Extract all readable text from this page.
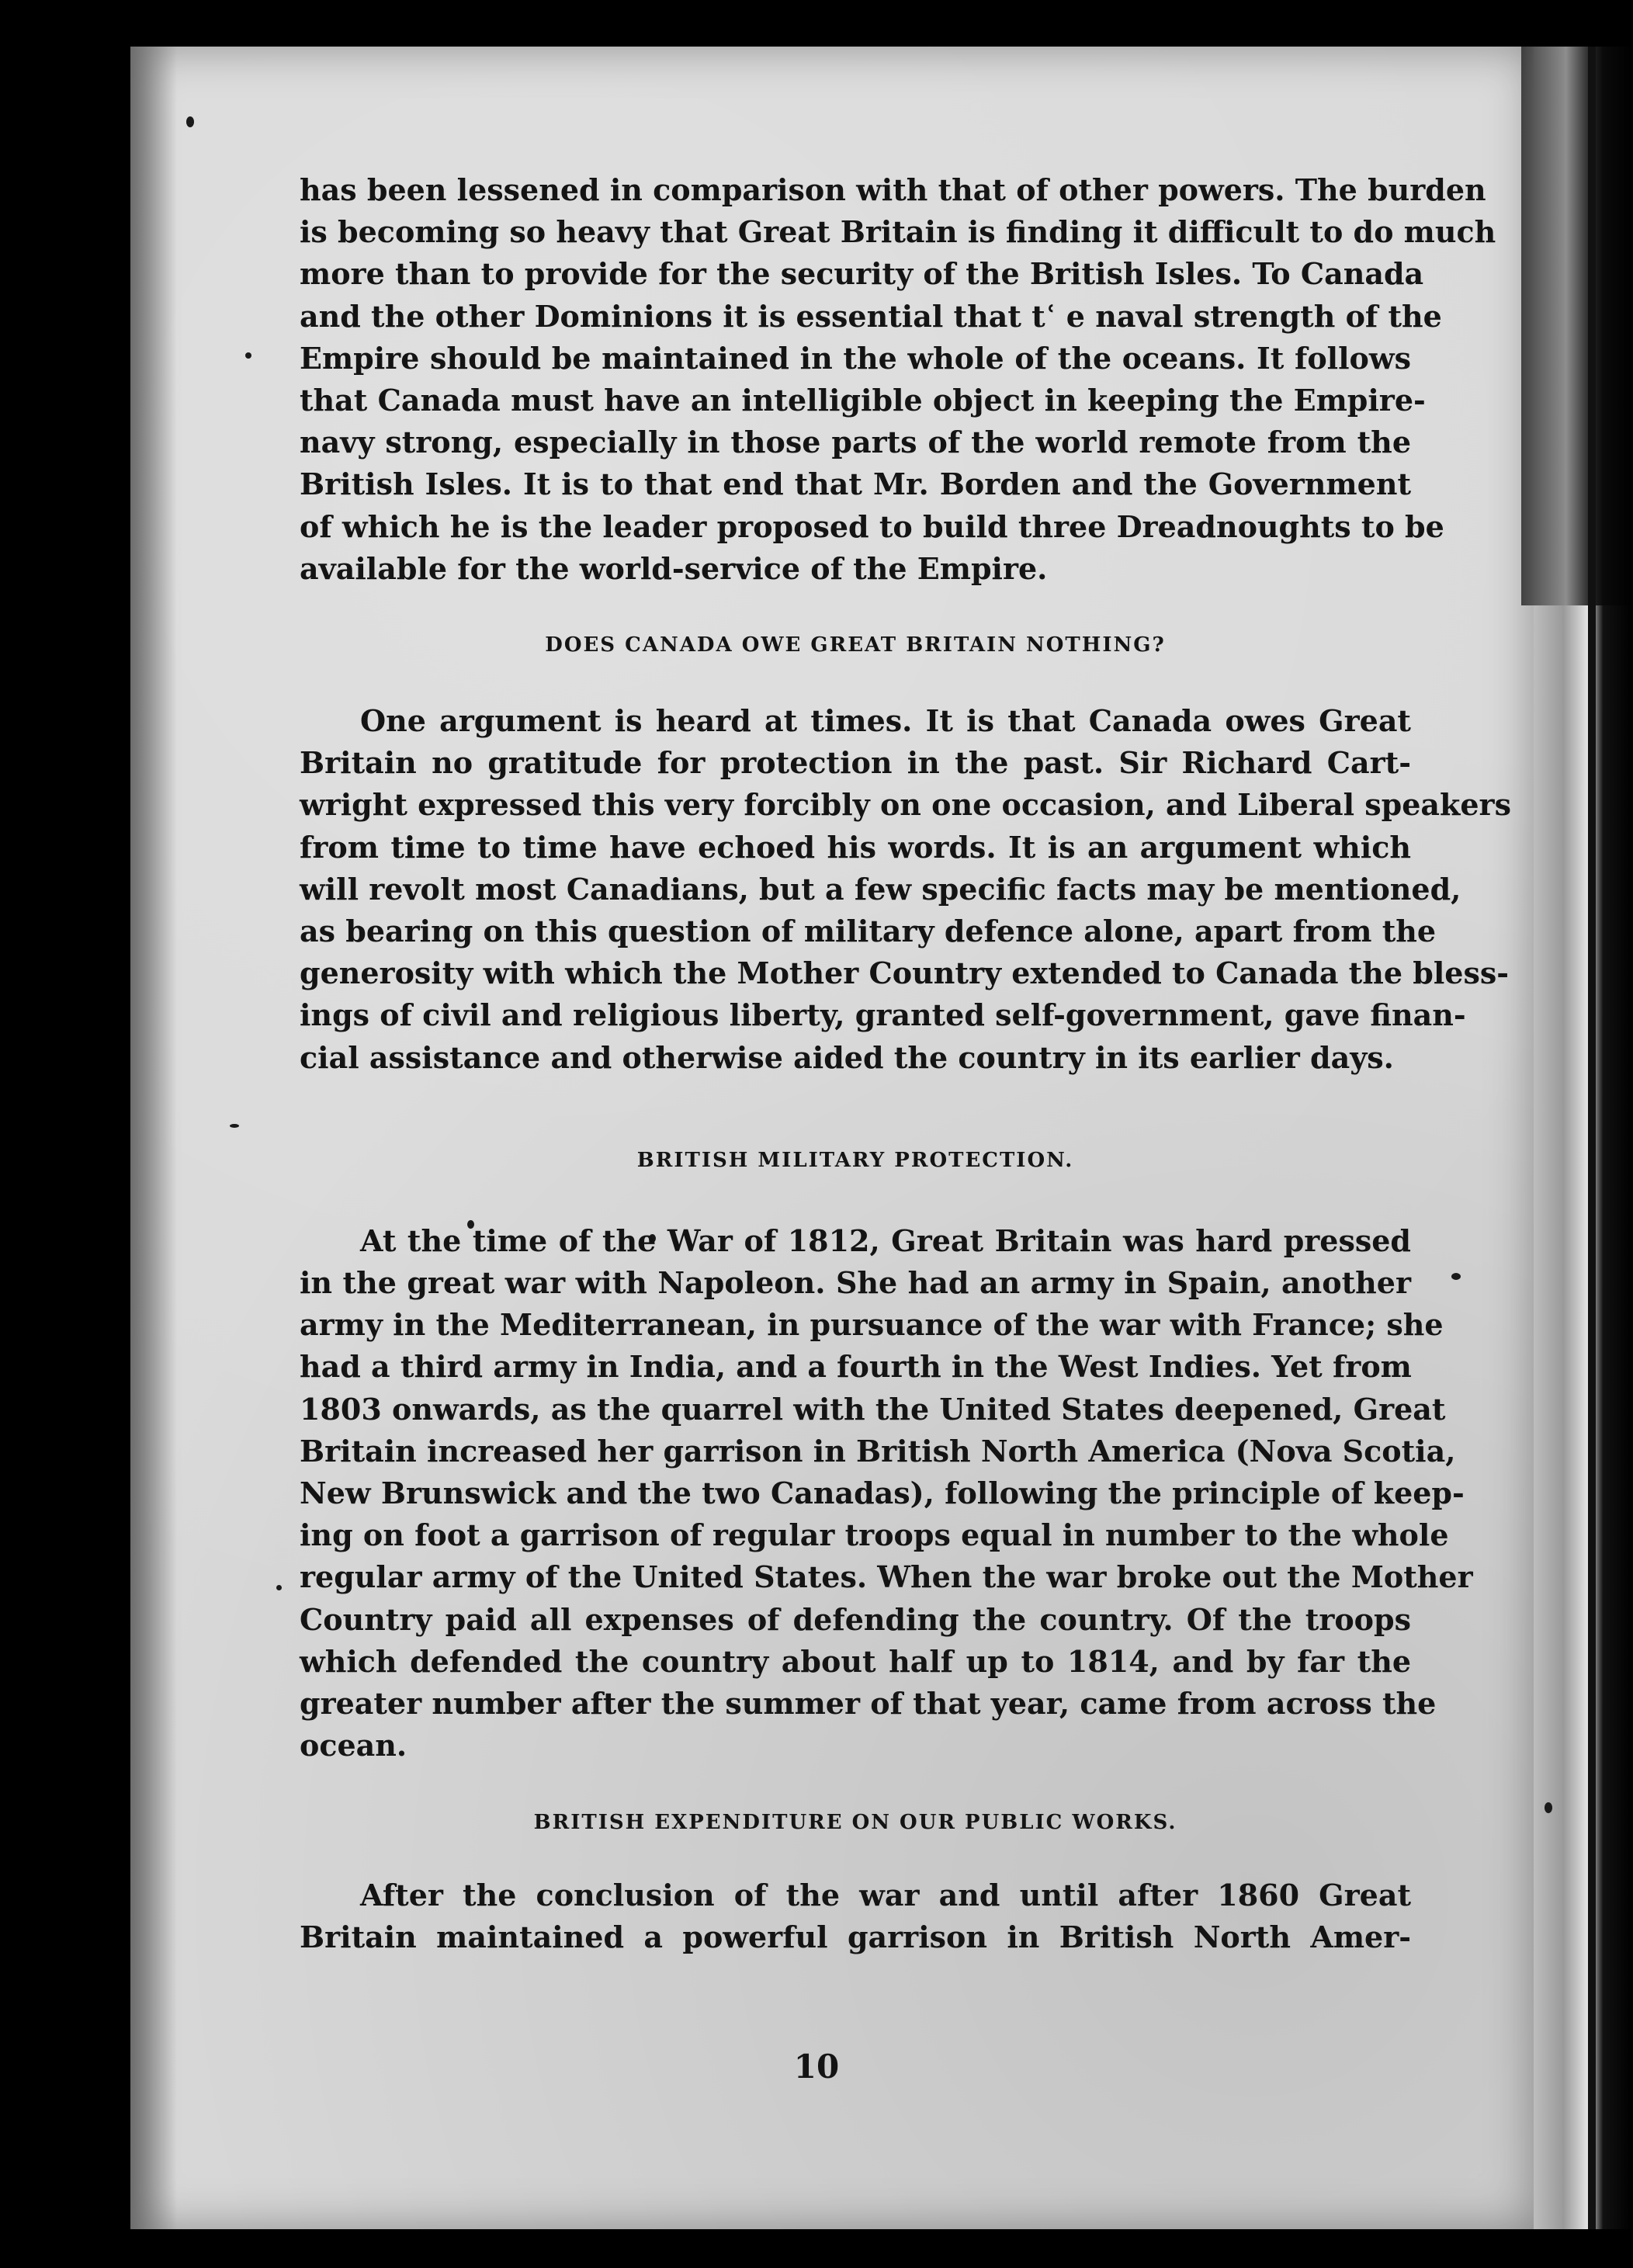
has been lessened in comparison with that of other powers. The burden
is becoming so heavy that Great Britain is finding it difficult to do much
more than to provide for the security of the British Isles. To Canada
and the other Dominions it is essential that tʿ e naval strength of the
Empire should be maintained in the whole of the oceans. It follows
that Canada must have an intelligible object in keeping the Empire-
navy strong, especially in those parts of the world remote from the
British Isles. It is to that end that Mr. Borden and the Government
of which he is the leader proposed to build three Dreadnoughts to be
available for the world-service of the Empire.

DOES CANADA OWE GREAT BRITAIN NOTHING?

One argument is heard at times. It is that Canada owes Great
Britain no gratitude for protection in the past. Sir Richard Cart-
wright expressed this very forcibly on one occasion, and Liberal speakers
from time to time have echoed his words. It is an argument which
will revolt most Canadians, but a few specific facts may be mentioned,
as bearing on this question of military defence alone, apart from the
generosity with which the Mother Country extended to Canada the bless-
ings of civil and religious liberty, granted self-government, gave finan-
cial assistance and otherwise aided the country in its earlier days.

BRITISH MILITARY PROTECTION.

At the time of the War of 1812, Great Britain was hard pressed
in the great war with Napoleon. She had an army in Spain, another
army in the Mediterranean, in pursuance of the war with France; she
had a third army in India, and a fourth in the West Indies. Yet from
1803 onwards, as the quarrel with the United States deepened, Great
Britain increased her garrison in British North America (Nova Scotia,
New Brunswick and the two Canadas), following the principle of keep-
ing on foot a garrison of regular troops equal in number to the whole
regular army of the United States. When the war broke out the Mother
Country paid all expenses of defending the country. Of the troops
which defended the country about half up to 1814, and by far the
greater number after the summer of that year, came from across the
ocean.

BRITISH EXPENDITURE ON OUR PUBLIC WORKS.

After the conclusion of the war and until after 1860 Great
Britain maintained a powerful garrison in British North Amer-

10
